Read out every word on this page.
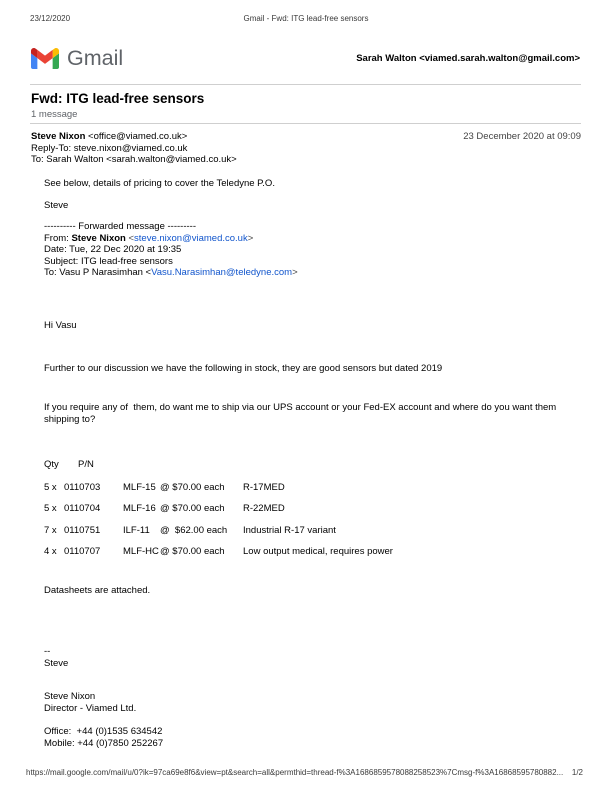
23/12/2020

	Gmail - Fwd: ITG lead-free sensors

Gmail	Sarah Walton <viamed.sarah.walton@gmail.com>
Fwd: ITG lead-free sensors
1 message
Steve Nixon <office@viamed.co.uk>	23 December 2020 at 09:09
Reply-To: steve.nixon@viamed.co.uk
To: Sarah Walton <sarah.walton@viamed.co.uk>
See below, details of pricing to cover the Teledyne P.O.
Steve
---------- Forwarded message ---------
From: Steve Nixon <steve.nixon@viamed.co.uk>
Date: Tue, 22 Dec 2020 at 19:35
Subject: ITG lead-free sensors
To: Vasu P Narasimhan <Vasu.Narasimhan@teledyne.com>
Hi Vasu
Further to our discussion we have the following in stock, they are good sensors but dated 2019
If you require any of  them, do want me to ship via our UPS account or your Fed-EX account and where do you want them shipping to?
Qty P/N
5 x 0110703 MLF-15 @ $70.00 each R-17MED
5 x 0110704 MLF-16 @ $70.00 each R-22MED
7 x 0110751 ILF-11 @  $62.00 each Industrial R-17 variant
4 x 0110707 MLF-HC @ $70.00 each Low output medical, requires power
Datasheets are attached.
--
Steve
Steve Nixon
Director - Viamed Ltd.
Office:  +44 (0)1535 634542
Mobile: +44 (0)7850 252267
https://mail.google.com/mail/u/0?ik=97ca69e8f6&view=pt&search=all&permthid=thread-f%3A1686859578088258523%7Cmsg-f%3A16868595780882... 1/2
